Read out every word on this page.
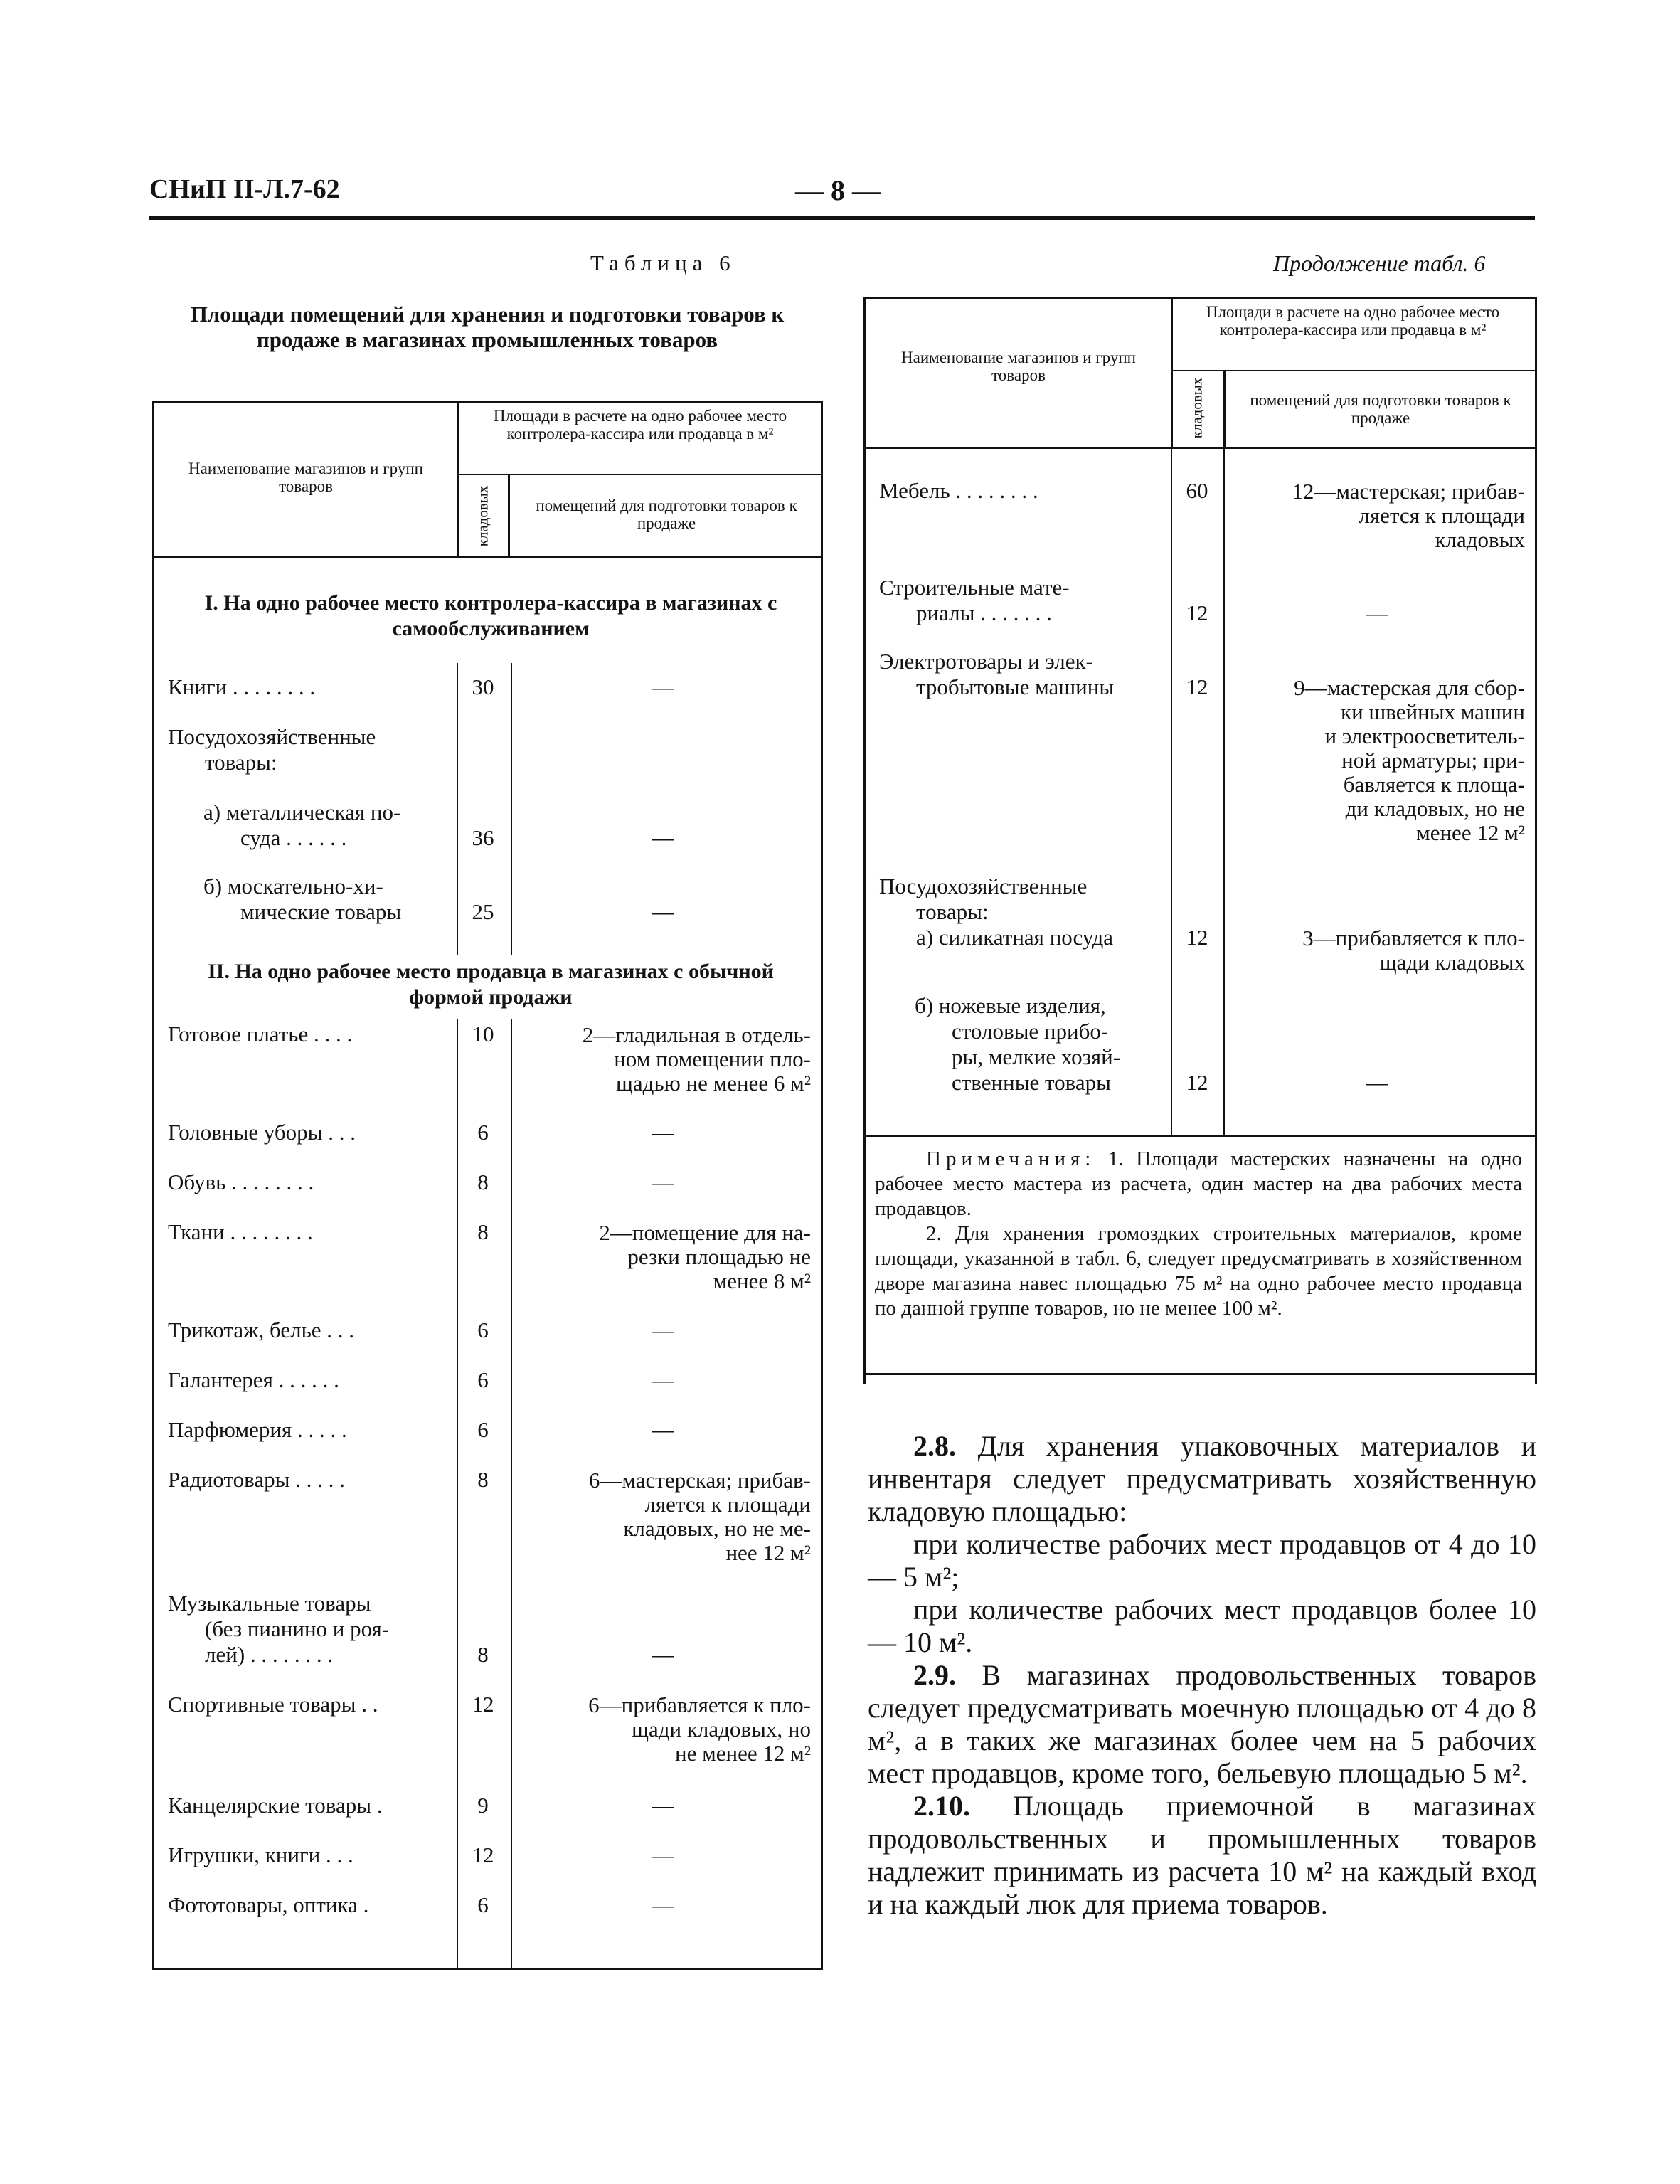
СНиП II-Л.7-62	— 8 —
Таблица 6
Площади помещений для хранения и подготовки товаров к продаже в магазинах промышленных товаров
Наименование магазинов и групп товаров
Площади в расчете на одно рабочее место контролера-кассира или продавца в м²
кладовых	помещений для подготовки товаров к продаже
I. На одно рабочее место контролера-кассира в магазинах с самообслуживанием
Книги . . . . . . . .	30	—
Посудохозяйственные
товары:
а) металлическая по-
суда . . . . . .	36	—
б) москательно-хи-
мические товары	25	—
II. На одно рабочее место продавца в магазинах с обычной формой продажи
Готовое платье . . . .	10	2—гладильная в отдель-
ном помещении пло-
щадью не менее 6 м²
Головные уборы . . .	6	—
Обувь . . . . . . . .	8	—
Ткани . . . . . . . .	8	2—помещение для на-
резки площадью не
менее 8 м²
Трикотаж, белье . . .	6	—
Галантерея . . . . . .	6	—
Парфюмерия . . . . .	6	—
Радиотовары . . . . .	8	6—мастерская; прибав-
ляется к площади
кладовых, но не ме-
нее 12 м²
Музыкальные товары
(без пианино и роя-
лей) . . . . . . . .	8	—
Спортивные товары . .	12	6—прибавляется к пло-
щади кладовых, но
не менее 12 м²
Канцелярские товары .	9	—
Игрушки, книги . . .	12	—
Фототовары, оптика .	6	—
Продолжение табл. 6
Наименование магазинов и групп товаров
Площади в расчете на одно рабочее место контролера-кассира или продавца в м²
кладовых	помещений для подготовки товаров к продаже
Мебель . . . . . . . .	60	12—мастерская; прибав-
ляется к площади
кладовых
Строительные мате-
риалы . . . . . . .	12	—
Электротовары и элек-
тробытовые машины	12	9—мастерская для сбор-
ки швейных машин
и электроосветитель-
ной арматуры; при-
бавляется к площа-
ди кладовых, но не
менее 12 м²
Посудохозяйственные
товары:
а) силикатная посуда	12	3—прибавляется к пло-
щади кладовых
б) ножевые изделия,
столовые прибо-
ры, мелкие хозяй-
ственные товары	12	—

Примечания: 1. Площади мастерских назначены на одно рабочее место мастера из расчета, один мастер на два рабочих места продавцов.

2. Для хранения громоздких строительных материалов, кроме площади, указанной в табл. 6, следует предусматривать в хозяйственном дворе магазина навес площадью 75 м² на одно рабочее место продавца по данной группе товаров, но не менее 100 м².

2.8. Для хранения упаковочных материалов и инвентаря следует предусматривать хозяйственную кладовую площадью:

при количестве рабочих мест продавцов от 4 до 10 — 5 м²;

при количестве рабочих мест продавцов более 10 — 10 м².

2.9. В магазинах продовольственных товаров следует предусматривать моечную площадью от 4 до 8 м², а в таких же магазинах более чем на 5 рабочих мест продавцов, кроме того, бельевую площадью 5 м².

2.10. Площадь приемочной в магазинах продовольственных и промышленных товаров надлежит принимать из расчета 10 м² на каждый вход и на каждый люк для приема товаров.
